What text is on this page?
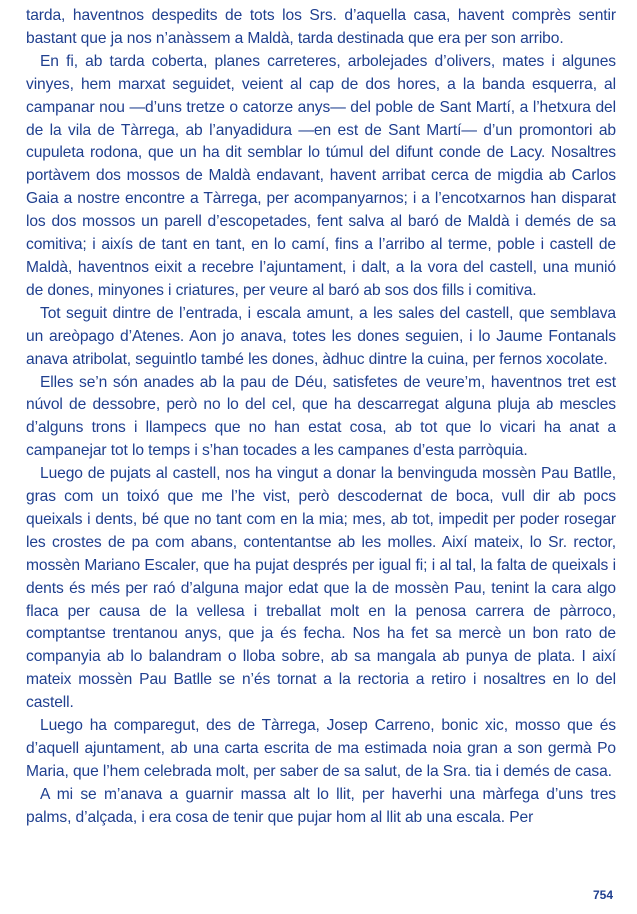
tarda, haventnos despedits de tots los Srs. d’aquella casa, havent comprès sentir bastant que ja nos n’anàssem a Maldà, tarda destinada que era per son arribo.

En fi, ab tarda coberta, planes carreteres, arbolejades d’olivers, mates i algunes vinyes, hem marxat seguidet, veient al cap de dos hores, a la banda esquerra, al campanar nou —d’uns tretze o catorze anys— del poble de Sant Martí, a l’hetxura del de la vila de Tàrrega, ab l’anyadidura —en est de Sant Martí— d’un promontori ab cupuleta rodona, que un ha dit semblar lo túmul del difunt conde de Lacy. Nosaltres portàvem dos mossos de Maldà endavant, havent arribat cerca de migdia ab Carlos Gaia a nostre encontre a Tàrrega, per acompanyarnos; i a l’encotxarnos han disparat los dos mossos un parell d’escopetades, fent salva al baró de Maldà i demés de sa comitiva; i aixís de tant en tant, en lo camí, fins a l’arribo al terme, poble i castell de Maldà, haventnos eixit a recebre l’ajuntament, i dalt, a la vora del castell, una munió de dones, minyones i criatures, per veure al baró ab sos dos fills i comitiva.

Tot seguit dintre de l’entrada, i escala amunt, a les sales del castell, que semblava un areòpago d’Atenes. Aon jo anava, totes les dones seguien, i lo Jaume Fontanals anava atribolat, seguintlo també les dones, àdhuc dintre la cuina, per fernos xocolate.

Elles se’n són anades ab la pau de Déu, satisfetes de veure’m, haventnos tret est núvol de dessobre, però no lo del cel, que ha descarregat alguna pluja ab mescles d’alguns trons i llampecs que no han estat cosa, ab tot que lo vicari ha anat a campanejar tot lo temps i s’han tocades a les campanes d’esta parròquia.

Luego de pujats al castell, nos ha vingut a donar la benvinguda mossèn Pau Batlle, gras com un toixó que me l’he vist, però descodernat de boca, vull dir ab pocs queixals i dents, bé que no tant com en la mia; mes, ab tot, impedit per poder rosegar les crostes de pa com abans, contentantse ab les molles. Així mateix, lo Sr. rector, mossèn Mariano Escaler, que ha pujat després per igual fi; i al tal, la falta de queixals i dents és més per raó d’alguna major edat que la de mossèn Pau, tenint la cara algo flaca per causa de la vellesa i treballat molt en la penosa carrera de pàrroco, comptantse trentanou anys, que ja és fecha. Nos ha fet sa mercè un bon rato de companyia ab lo balandram o lloba sobre, ab sa mangala ab punya de plata. I així mateix mossèn Pau Batlle se n’és tornat a la rectoria a retiro i nosaltres en lo del castell.

Luego ha comparegut, des de Tàrrega, Josep Carreno, bonic xic, mosso que és d’aquell ajuntament, ab una carta escrita de ma estimada noia gran a son germà Po Maria, que l’hem celebrada molt, per saber de sa salut, de la Sra. tia i demés de casa.

A mi se m’anava a guarnir massa alt lo llit, per haverhi una màrfega d’uns tres palms, d’alçada, i era cosa de tenir que pujar hom al llit ab una escala. Per

754
